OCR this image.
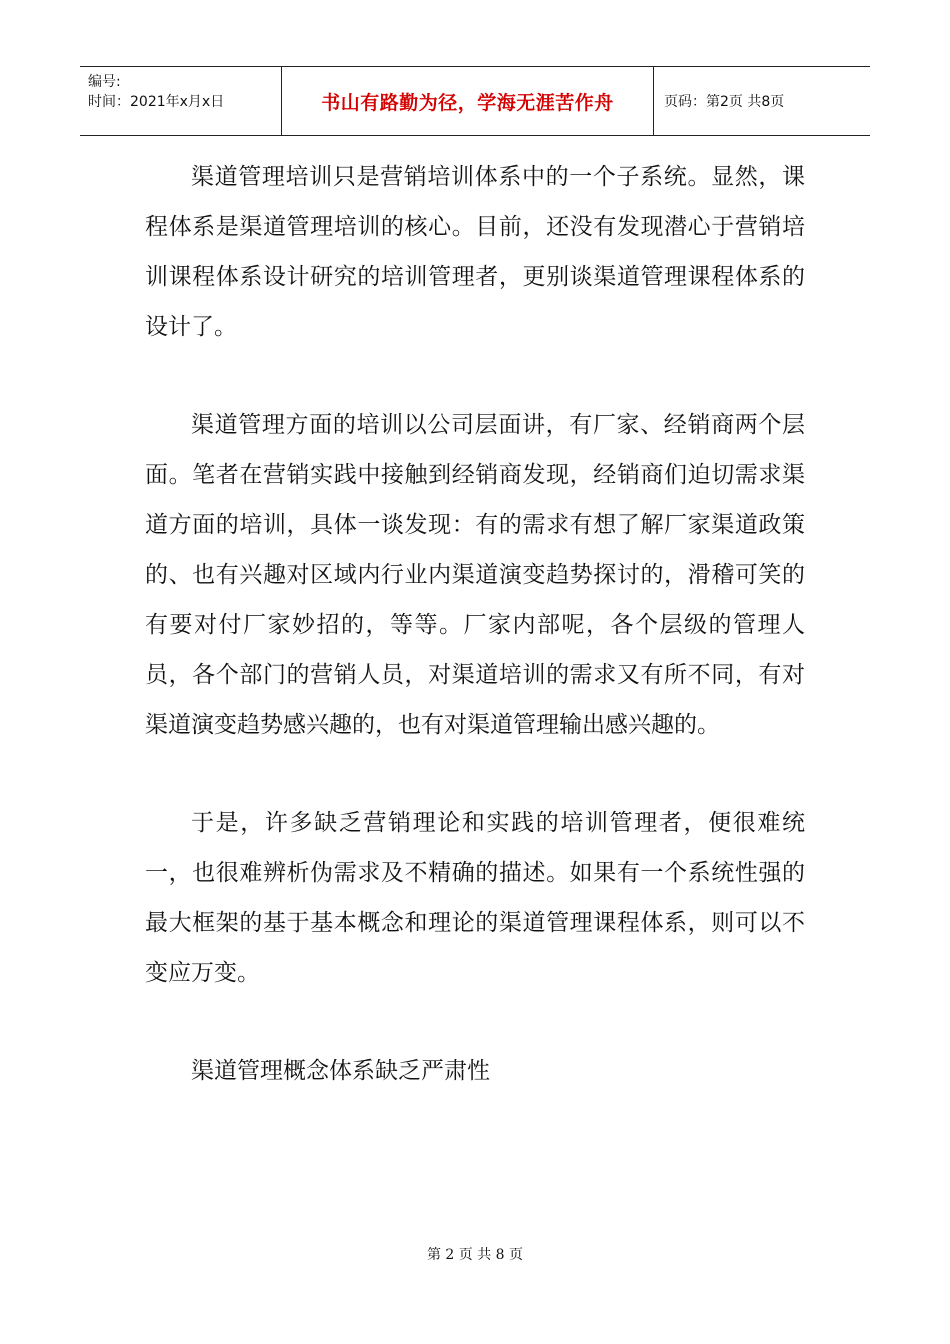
编号:
时间：2021年x月x日	书山有路勤为径，学海无涯苦作舟	页码：第2页 共8页

渠道管理培训只是营销培训体系中的一个子系统。显然，课程体系是渠道管理培训的核心。目前，还没有发现潜心于营销培训课程体系设计研究的培训管理者，更别谈渠道管理课程体系的设计了。

渠道管理方面的培训以公司层面讲，有厂家、经销商两个层面。笔者在营销实践中接触到经销商发现，经销商们迫切需求渠道方面的培训，具体一谈发现：有的需求有想了解厂家渠道政策的、也有兴趣对区域内行业内渠道演变趋势探讨的，滑稽可笑的有要对付厂家妙招的，等等。厂家内部呢，各个层级的管理人员，各个部门的营销人员，对渠道培训的需求又有所不同，有对渠道演变趋势感兴趣的，也有对渠道管理输出感兴趣的。

于是，许多缺乏营销理论和实践的培训管理者，便很难统一，也很难辨析伪需求及不精确的描述。如果有一个系统性强的最大框架的基于基本概念和理论的渠道管理课程体系，则可以不变应万变。

渠道管理概念体系缺乏严肃性

第 2 页 共 8 页
